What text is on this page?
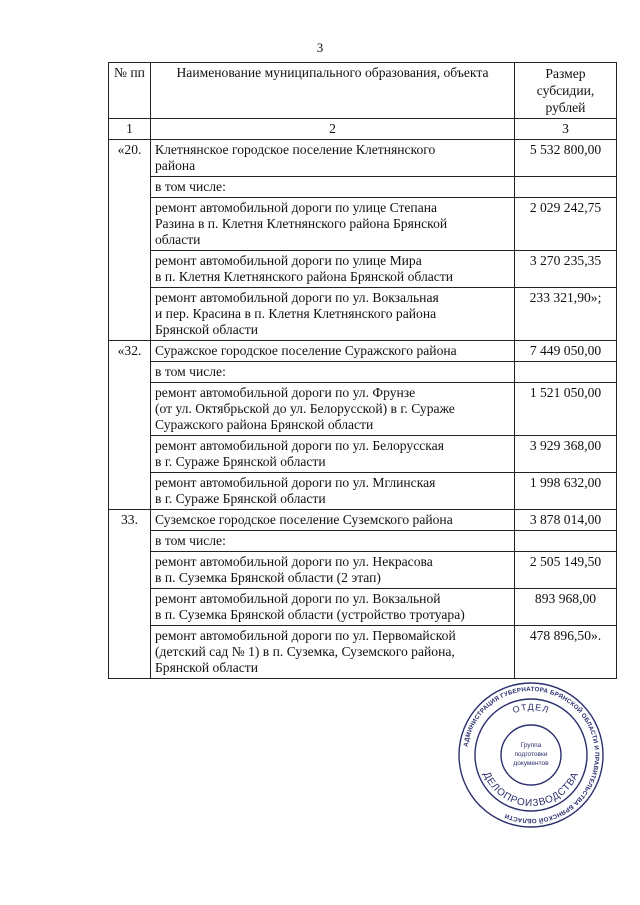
3
№ пп	Наименование муниципального образования, объекта	Размер
субсидии,
рублей

1	2	3
«20.	Клетнянское городское поселение Клетнянского
района	5 532 800,00
	в том числе:	

	ремонт автомобильной дороги по улице Степана
Разина в п. Клетня Клетнянского района Брянской
области	2 029 242,75

	ремонт автомобильной дороги по улице Мира
в п. Клетня Клетнянского района Брянской области	3 270 235,35

	ремонт автомобильной дороги по ул. Вокзальная
и пер. Красина в п. Клетня Клетнянского района
Брянской области	233 321,90»;
«32.	Суражское городское поселение Суражского района	7 449 050,00
	в том числе:	

	ремонт автомобильной дороги по ул. Фрунзе
(от ул. Октябрьской до ул. Белорусской) в г. Сураже
Суражского района Брянской области	1 521 050,00

	ремонт автомобильной дороги по ул. Белорусская
в г. Сураже Брянской области	3 929 368,00

	ремонт автомобильной дороги по ул. Мглинская
в г. Сураже Брянской области	1 998 632,00
33.	Суземское городское поселение Суземского района	3 878 014,00
	в том числе:	

	ремонт автомобильной дороги по ул. Некрасова
в п. Суземка Брянской области (2 этап)	2 505 149,50

	ремонт автомобильной дороги по ул. Вокзальной
в п. Суземка Брянской области (устройство тротуара)	893 968,00

	ремонт автомобильной дороги по ул. Первомайской
(детский сад № 1) в п. Суземка, Суземского района,
Брянской области	478 896,50».
АДМИНИСТРАЦИЯ ГУБЕРНАТОРА БРЯНСКОЙ ОБЛАСТИ И ПРАВИТЕЛЬСТВА БРЯНСКОЙ ОБЛАСТИ
ОТДЕЛ
ДЕЛОПРОИЗВОДСТВА
Группа
подготовки
документов
